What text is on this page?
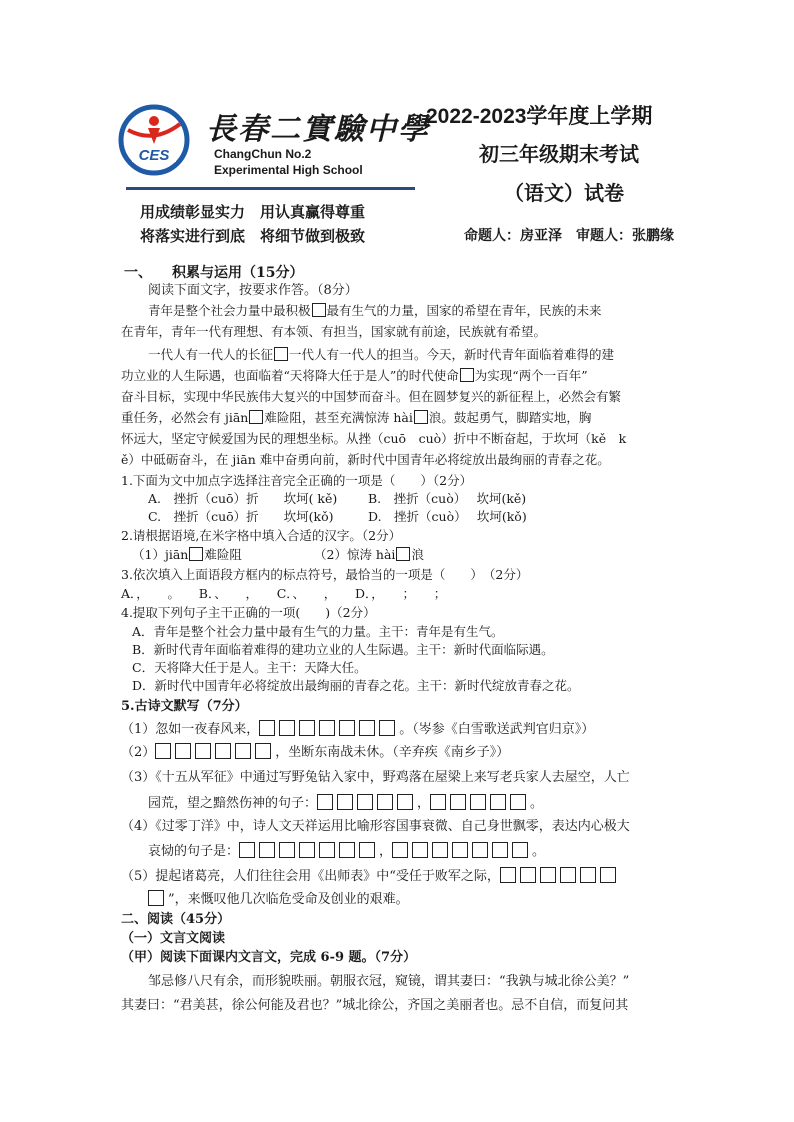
CES
長春二實驗中學
ChangChun No.2
Experimental High School
2022-2023学年度上学期
初三年级期末考试
（语文）试卷
用成绩彰显实力　用认真赢得尊重
将落实进行到底　将细节做到极致	命题人：房亚泽　审题人：张鹏缘
一、 积累与运用（15分）
阅读下面文字，按要求作答。（8分）
青年是整个社会力量中最积极 最有生气的力量，国家的希望在青年，民族的未来
在青年，青年一代有理想、有本领、有担当，国家就有前途，民族就有希望。
一代人有一代人的长征 一代人有一代人的担当。今天，新时代青年面临着难得的建
功立业的人生际遇，也面临着“天将降大任于是人”的时代使命 为实现“两个一百年”
奋斗目标，实现中华民族伟大复兴的中国梦而奋斗。但在圆梦复兴的新征程上，必然会有繁
重任务，必然会有 jiān 难险阻，甚至充满惊涛 hài 浪。鼓起勇气，脚踏实地，胸
怀远大，坚定守候爱国为民的理想坐标。从挫（cuō　cuò）折中不断奋起，于坎坷（kě　k
ě）中砥砺奋斗，在 jiān 难中奋勇向前，新时代中国青年必将绽放出最绚丽的青春之花。
1.下面为文中加点字选择注音完全正确的一项是（　　）（2分）
A.　挫折（cuō）折　　坎坷( kě) B.　挫折（cuò）　 坎坷(kě)
C.　挫折（cuō）折　　坎坷(kǒ)	D.　挫折（cuò）　 坎坷(kǒ)
2.请根据语境,在米字格中填入合适的汉字。（2分）
（1）jiān 难险阻	（2）惊涛 hài 浪
3.依次填入上面语段方框内的标点符号，最恰当的一项是（　　）　（2分）
A．，　　。　　B．、　　，　　C．、　　，　　D．，　　；　　；
4.提取下列句子主干正确的一项(　　)（2分）
A．青年是整个社会力量中最有生气的力量。主干：青年是有生气。
B．新时代青年面临着难得的建功立业的人生际遇。主干：新时代面临际遇。
C．天将降大任于是人。主干：天降大任。
D．新时代中国青年必将绽放出最绚丽的青春之花。主干：新时代绽放青春之花。
5.古诗文默写（7分）
（1）忽如一夜春风来，	。（岑参《白雪歌送武判官归京》）
（2）	，坐断东南战未休。（辛弃疾《南乡子》）
（3）《十五从军征》中通过写野兔钻入家中，野鸡落在屋梁上来写老兵家人去屋空，人亡
园荒，望之黯然伤神的句子：	，	。
（4）《过零丁洋》中，诗人文天祥运用比喻形容国事衰微、自己身世飘零，表达内心极大
哀恸的句子是：	，	。
（5）提起诸葛亮，人们往往会用《出师表》中“受任于败军之际，
”，来慨叹他几次临危受命及创业的艰难。
二、阅读（45分）
（一）文言文阅读
（甲）阅读下面课内文言文，完成 6-9 题。（7分）
邹忌修八尺有余，而形貌昳丽。朝服衣冠，窥镜，谓其妻曰：“我孰与城北徐公美？”
其妻曰：“君美甚，徐公何能及君也？”城北徐公，齐国之美丽者也。忌不自信，而复问其
